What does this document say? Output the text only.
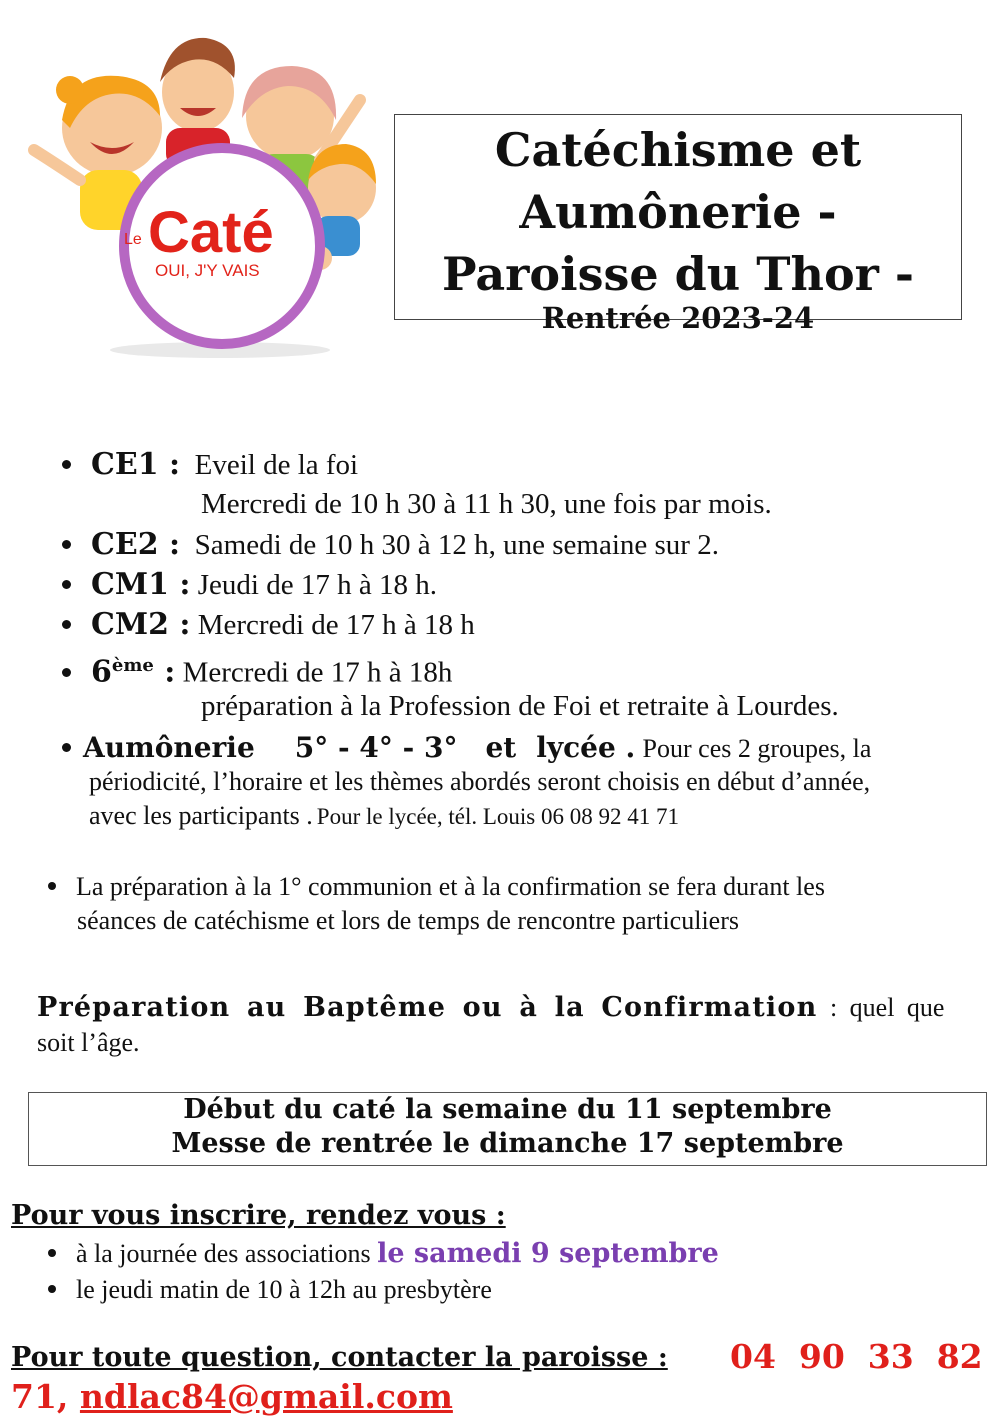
Le Caté
OUI, J'Y VAIS
Catéchisme et
Aumônerie -
Paroisse du Thor -
Rentrée 2023-24
CE1 : Eveil de la foi
Mercredi de 10 h 30 à 11 h 30, une fois par mois.
CE2 : Samedi de 10 h 30 à 12 h, une semaine sur 2.
CM1 : Jeudi de 17 h à 18 h.
CM2 : Mercredi de 17 h à 18 h
6ème : Mercredi de 17 h à 18h
préparation à la Profession de Foi et retraite à Lourdes.
Aumônerie 5° - 4° - 3° et lycée . Pour ces 2 groupes, la
périodicité, l’horaire et les thèmes abordés seront choisis en début d’année,
avec les participants . Pour le lycée, tél. Louis 06 08 92 41 71
La préparation à la 1° communion et à la confirmation se fera durant les
séances de catéchisme et lors de temps de rencontre particuliers
Préparation au Baptême ou à la Confirmation : quel que
soit l’âge.
Début du caté la semaine du 11 septembre
Messe de rentrée le dimanche 17 septembre
Pour vous inscrire, rendez vous :
à la journée des associations le samedi 9 septembre
le jeudi matin de 10 à 12h au presbytère
Pour toute question, contacter la paroisse : 04  90  33  82
71, ndlac84@gmail.com
